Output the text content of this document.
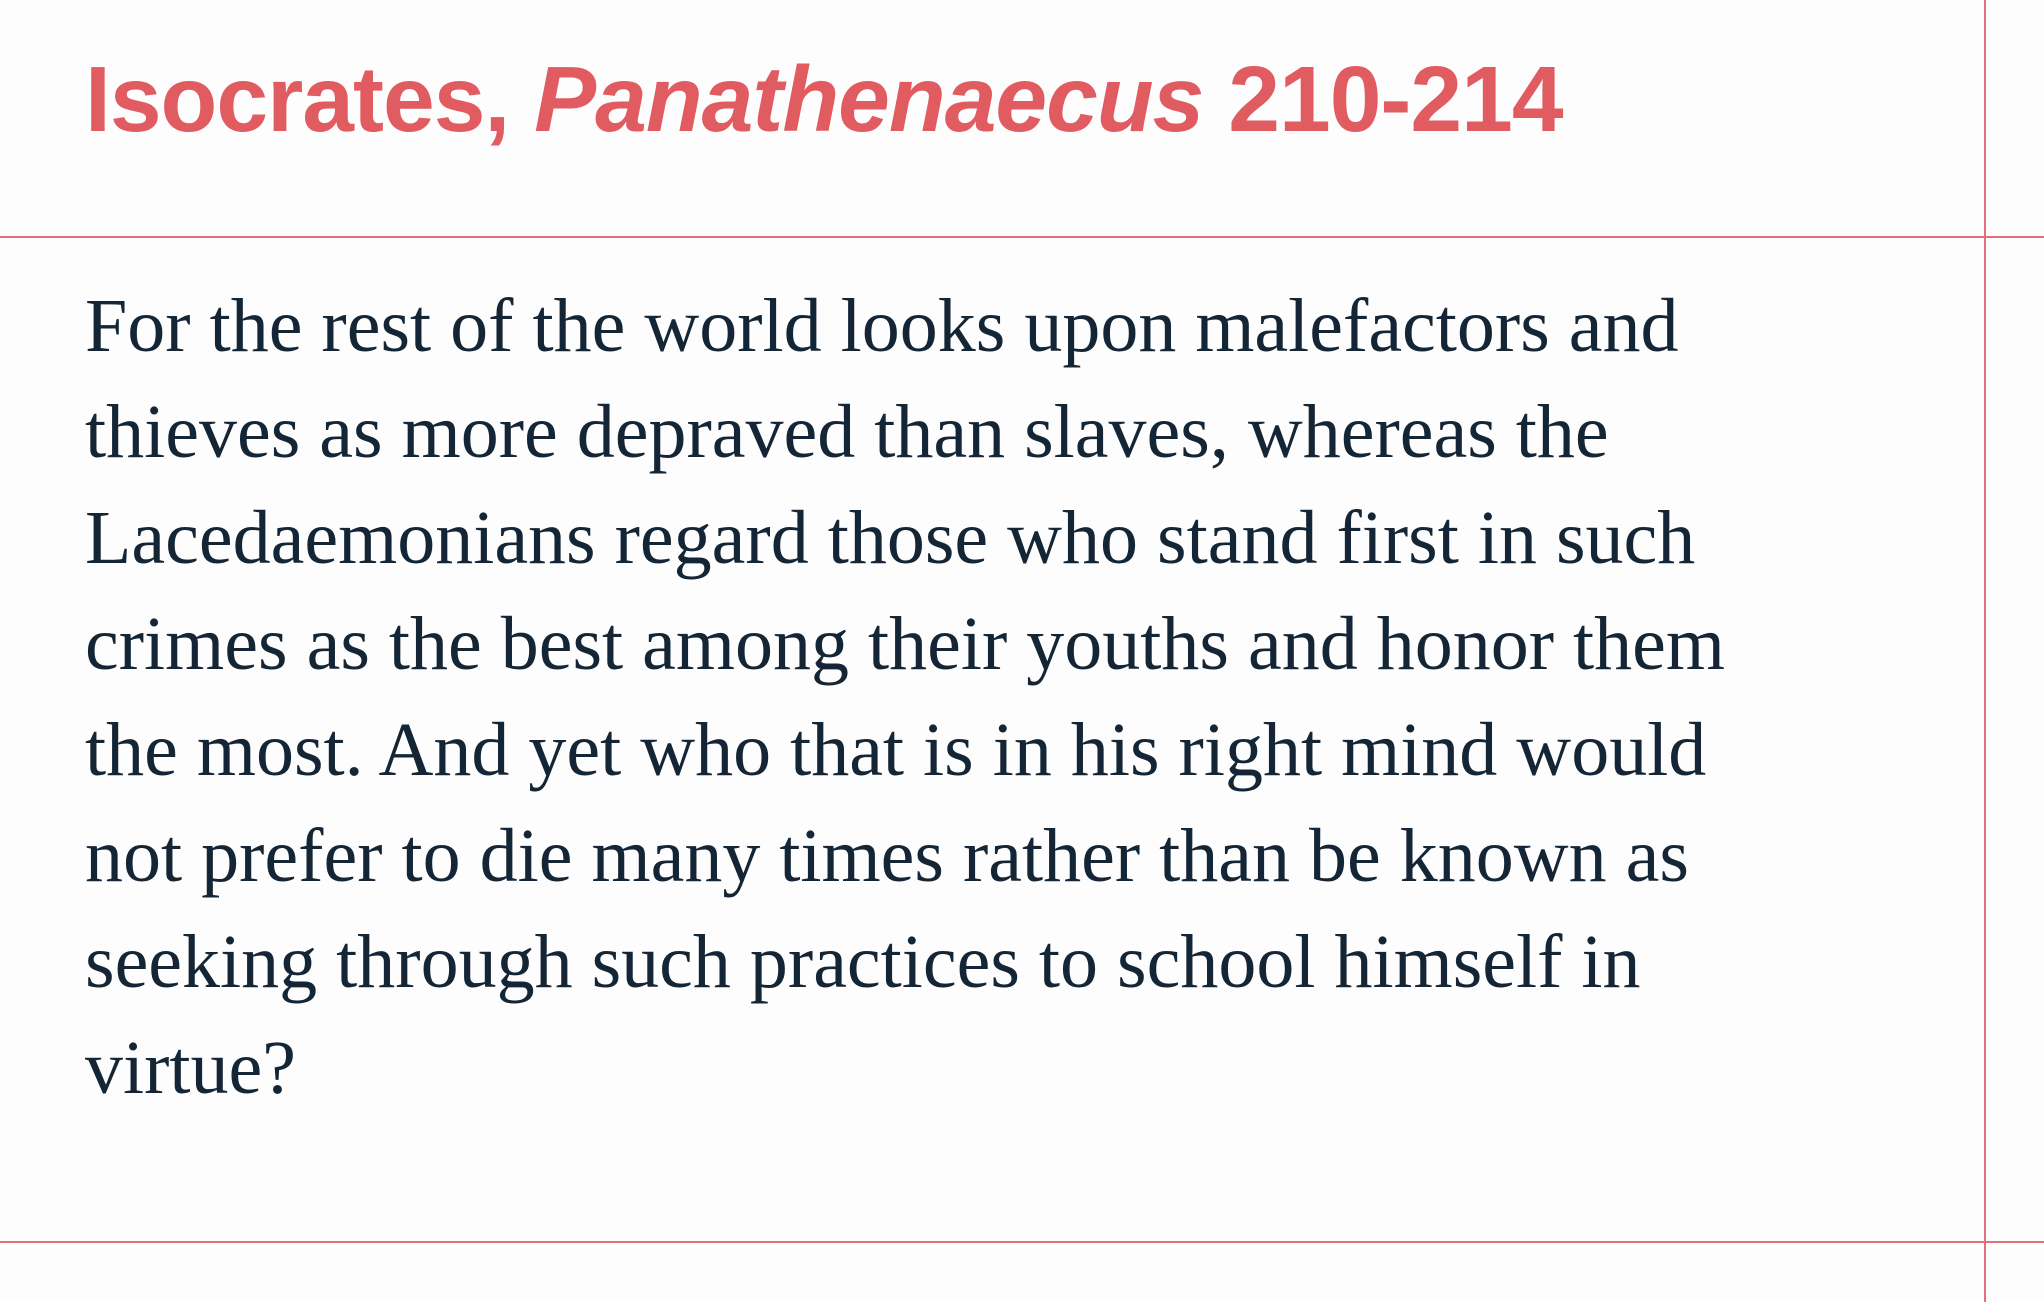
Isocrates, Panathenaecus 210-214

For the rest of the world looks upon malefactors and
thieves as more depraved than slaves, whereas the
Lacedaemonians regard those who stand first in such
crimes as the best among their youths and honor them
the most. And yet who that is in his right mind would
not prefer to die many times rather than be known as
seeking through such practices to school himself in
virtue?
